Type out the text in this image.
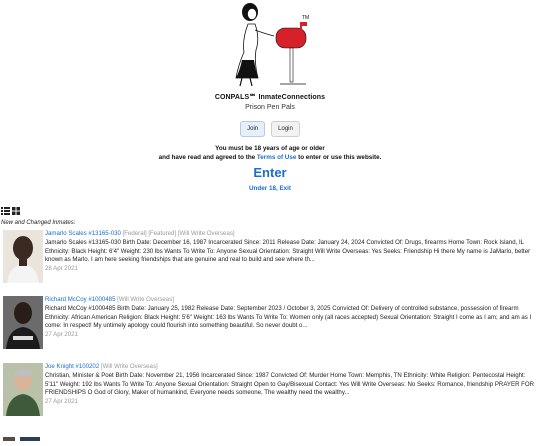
TM
CONPALS℠ InmateConnections
Prison Pen Pals
Join	Login
You must be 18 years of age or older
and have read and agreed to the Terms of Use to enter or use this website.
Enter
Under 18, Exit
New and Changed Inmates:
Jamarlo Scales #13165-030 [Federal] [Featured] [Will Write Overseas]
Jamarlo Scales #13165-030 Birth Date: December 16, 1987 Incarcerated Since: 2011 Release Date: January 24, 2024 Convicted Of: Drugs, firearms Home Town: Rock Island, IL Ethnicity: Black Height: 6'4" Weight: 230 lbs Wants To Write To: Anyone Sexual Orientation: Straight Will Write Overseas: Yes Seeks: Friendship Hi there My name is JaMarlo, better known as Marlo. I am here seeking friendships that are genuine and real to build and see where th...
28 Apr 2021
Richard McCoy #1000485 [Will Write Overseas]
Richard McCoy #1000485 Birth Date: January 25, 1982 Release Date: September 2023 / October 3, 2025 Convicted Of: Delivery of controlled substance, possession of firearm Ethnicity: African American Religion: Black Height: 5'6" Weight: 163 lbs Wants To Write To: Women only (all races accepted) Sexual Orientation: Straight I come as I am; and am as I come: In respect! My untimely apology could flourish into something beautiful. So never doubt o...
27 Apr 2021
Joe Knight #100202 [Will Write Overseas]
Christian, Minister & Poet Birth Date: November 21, 1956 Incarcerated Since: 1987 Convicted Of: Murder Home Town: Memphis, TN Ethnicity: White Religion: Pentecostal Height: 5'11" Weight: 192 lbs Wants To Write To: Anyone Sexual Orientation: Straight Open to Gay/Bisexual Contact: Yes Will Write Overseas: No Seeks: Romance, friendship PRAYER FOR FRIENDSHIPS O God of Glory, Maker of humankind, Everyone needs someone, The wealthy need the wealthy...
27 Apr 2021
